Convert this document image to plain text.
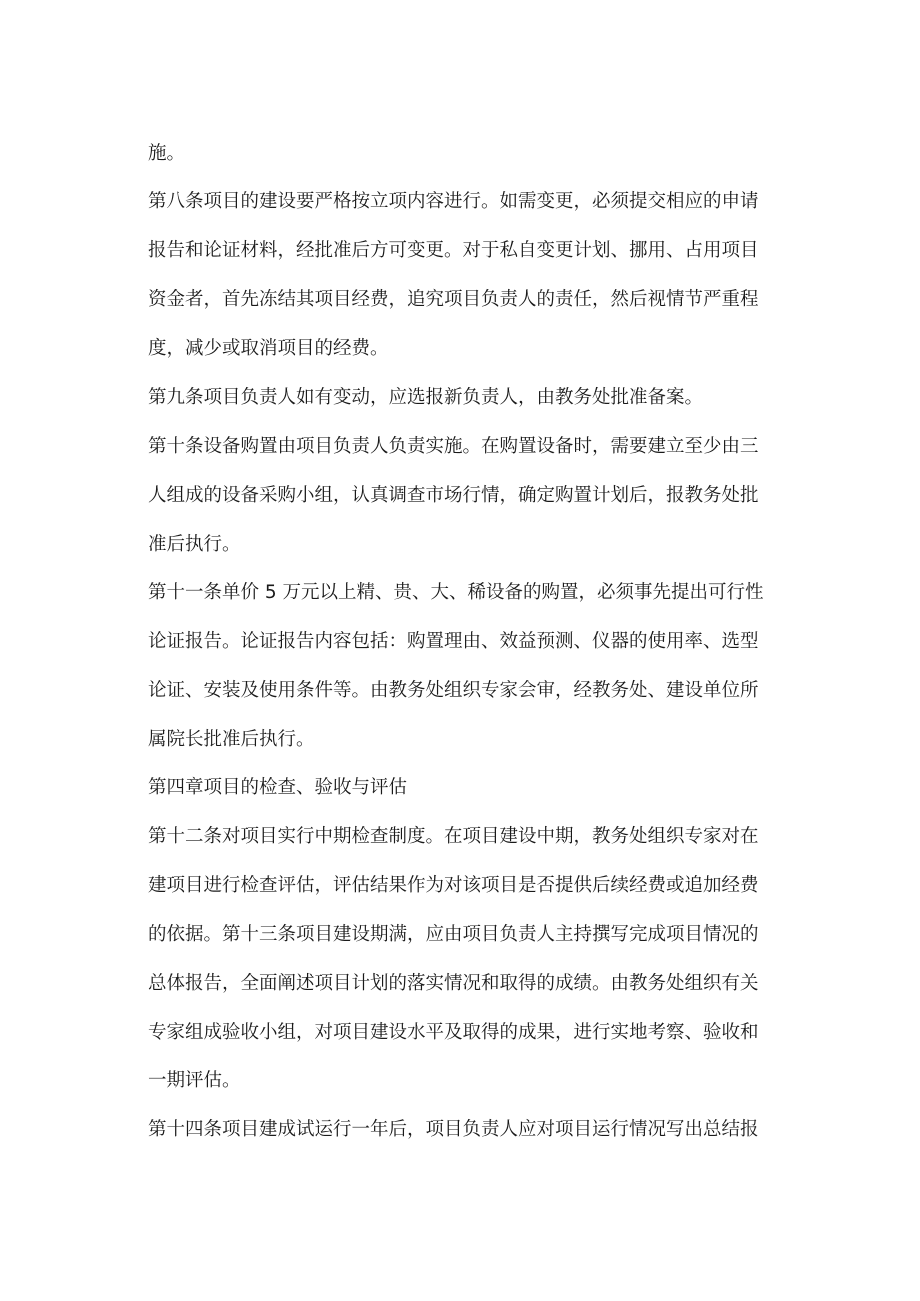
施。
第八条项目的建设要严格按立项内容进行。如需变更，必须提交相应的申请
报告和论证材料，经批准后方可变更。对于私自变更计划、挪用、占用项目
资金者，首先冻结其项目经费，追究项目负责人的责任，然后视情节严重程
度，减少或取消项目的经费。
第九条项目负责人如有变动，应选报新负责人，由教务处批准备案。
第十条设备购置由项目负责人负责实施。在购置设备时，需要建立至少由三
人组成的设备采购小组，认真调查市场行情，确定购置计划后，报教务处批
准后执行。
第十一条单价 5 万元以上精、贵、大、稀设备的购置，必须事先提出可行性
论证报告。论证报告内容包括：购置理由、效益预测、仪器的使用率、选型
论证、安装及使用条件等。由教务处组织专家会审，经教务处、建设单位所
属院长批准后执行。
第四章项目的检查、验收与评估
第十二条对项目实行中期检查制度。在项目建设中期，教务处组织专家对在
建项目进行检查评估，评估结果作为对该项目是否提供后续经费或追加经费
的依据。第十三条项目建设期满，应由项目负责人主持撰写完成项目情况的
总体报告，全面阐述项目计划的落实情况和取得的成绩。由教务处组织有关
专家组成验收小组，对项目建设水平及取得的成果，进行实地考察、验收和
一期评估。
第十四条项目建成试运行一年后，项目负责人应对项目运行情况写出总结报
